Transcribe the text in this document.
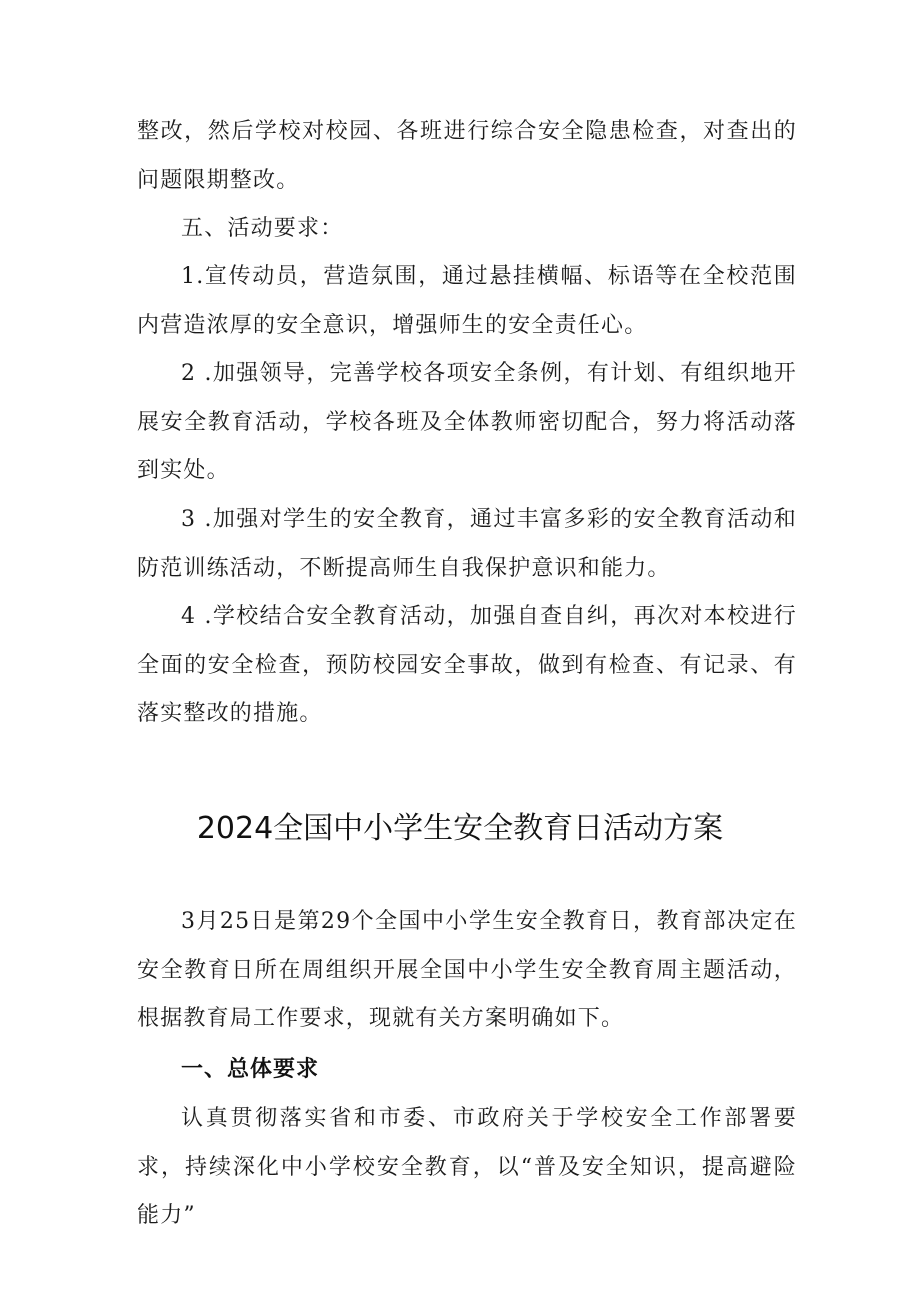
整改，然后学校对校园、各班进行综合安全隐患检查，对查出的问题限期整改。

五、活动要求：

1.宣传动员，营造氛围，通过悬挂横幅、标语等在全校范围内营造浓厚的安全意识，增强师生的安全责任心。

2 .加强领导，完善学校各项安全条例，有计划、有组织地开展安全教育活动，学校各班及全体教师密切配合，努力将活动落到实处。

3 .加强对学生的安全教育，通过丰富多彩的安全教育活动和防范训练活动，不断提高师生自我保护意识和能力。

4 .学校结合安全教育活动，加强自查自纠，再次对本校进行全面的安全检查，预防校园安全事故，做到有检查、有记录、有落实整改的措施。

2024全国中小学生安全教育日活动方案

3月25日是第29个全国中小学生安全教育日，教育部决定在安全教育日所在周组织开展全国中小学生安全教育周主题活动，根据教育局工作要求，现就有关方案明确如下。

一、总体要求

认真贯彻落实省和市委、市政府关于学校安全工作部署要求，持续深化中小学校安全教育，以“普及安全知识，提高避险能力”
